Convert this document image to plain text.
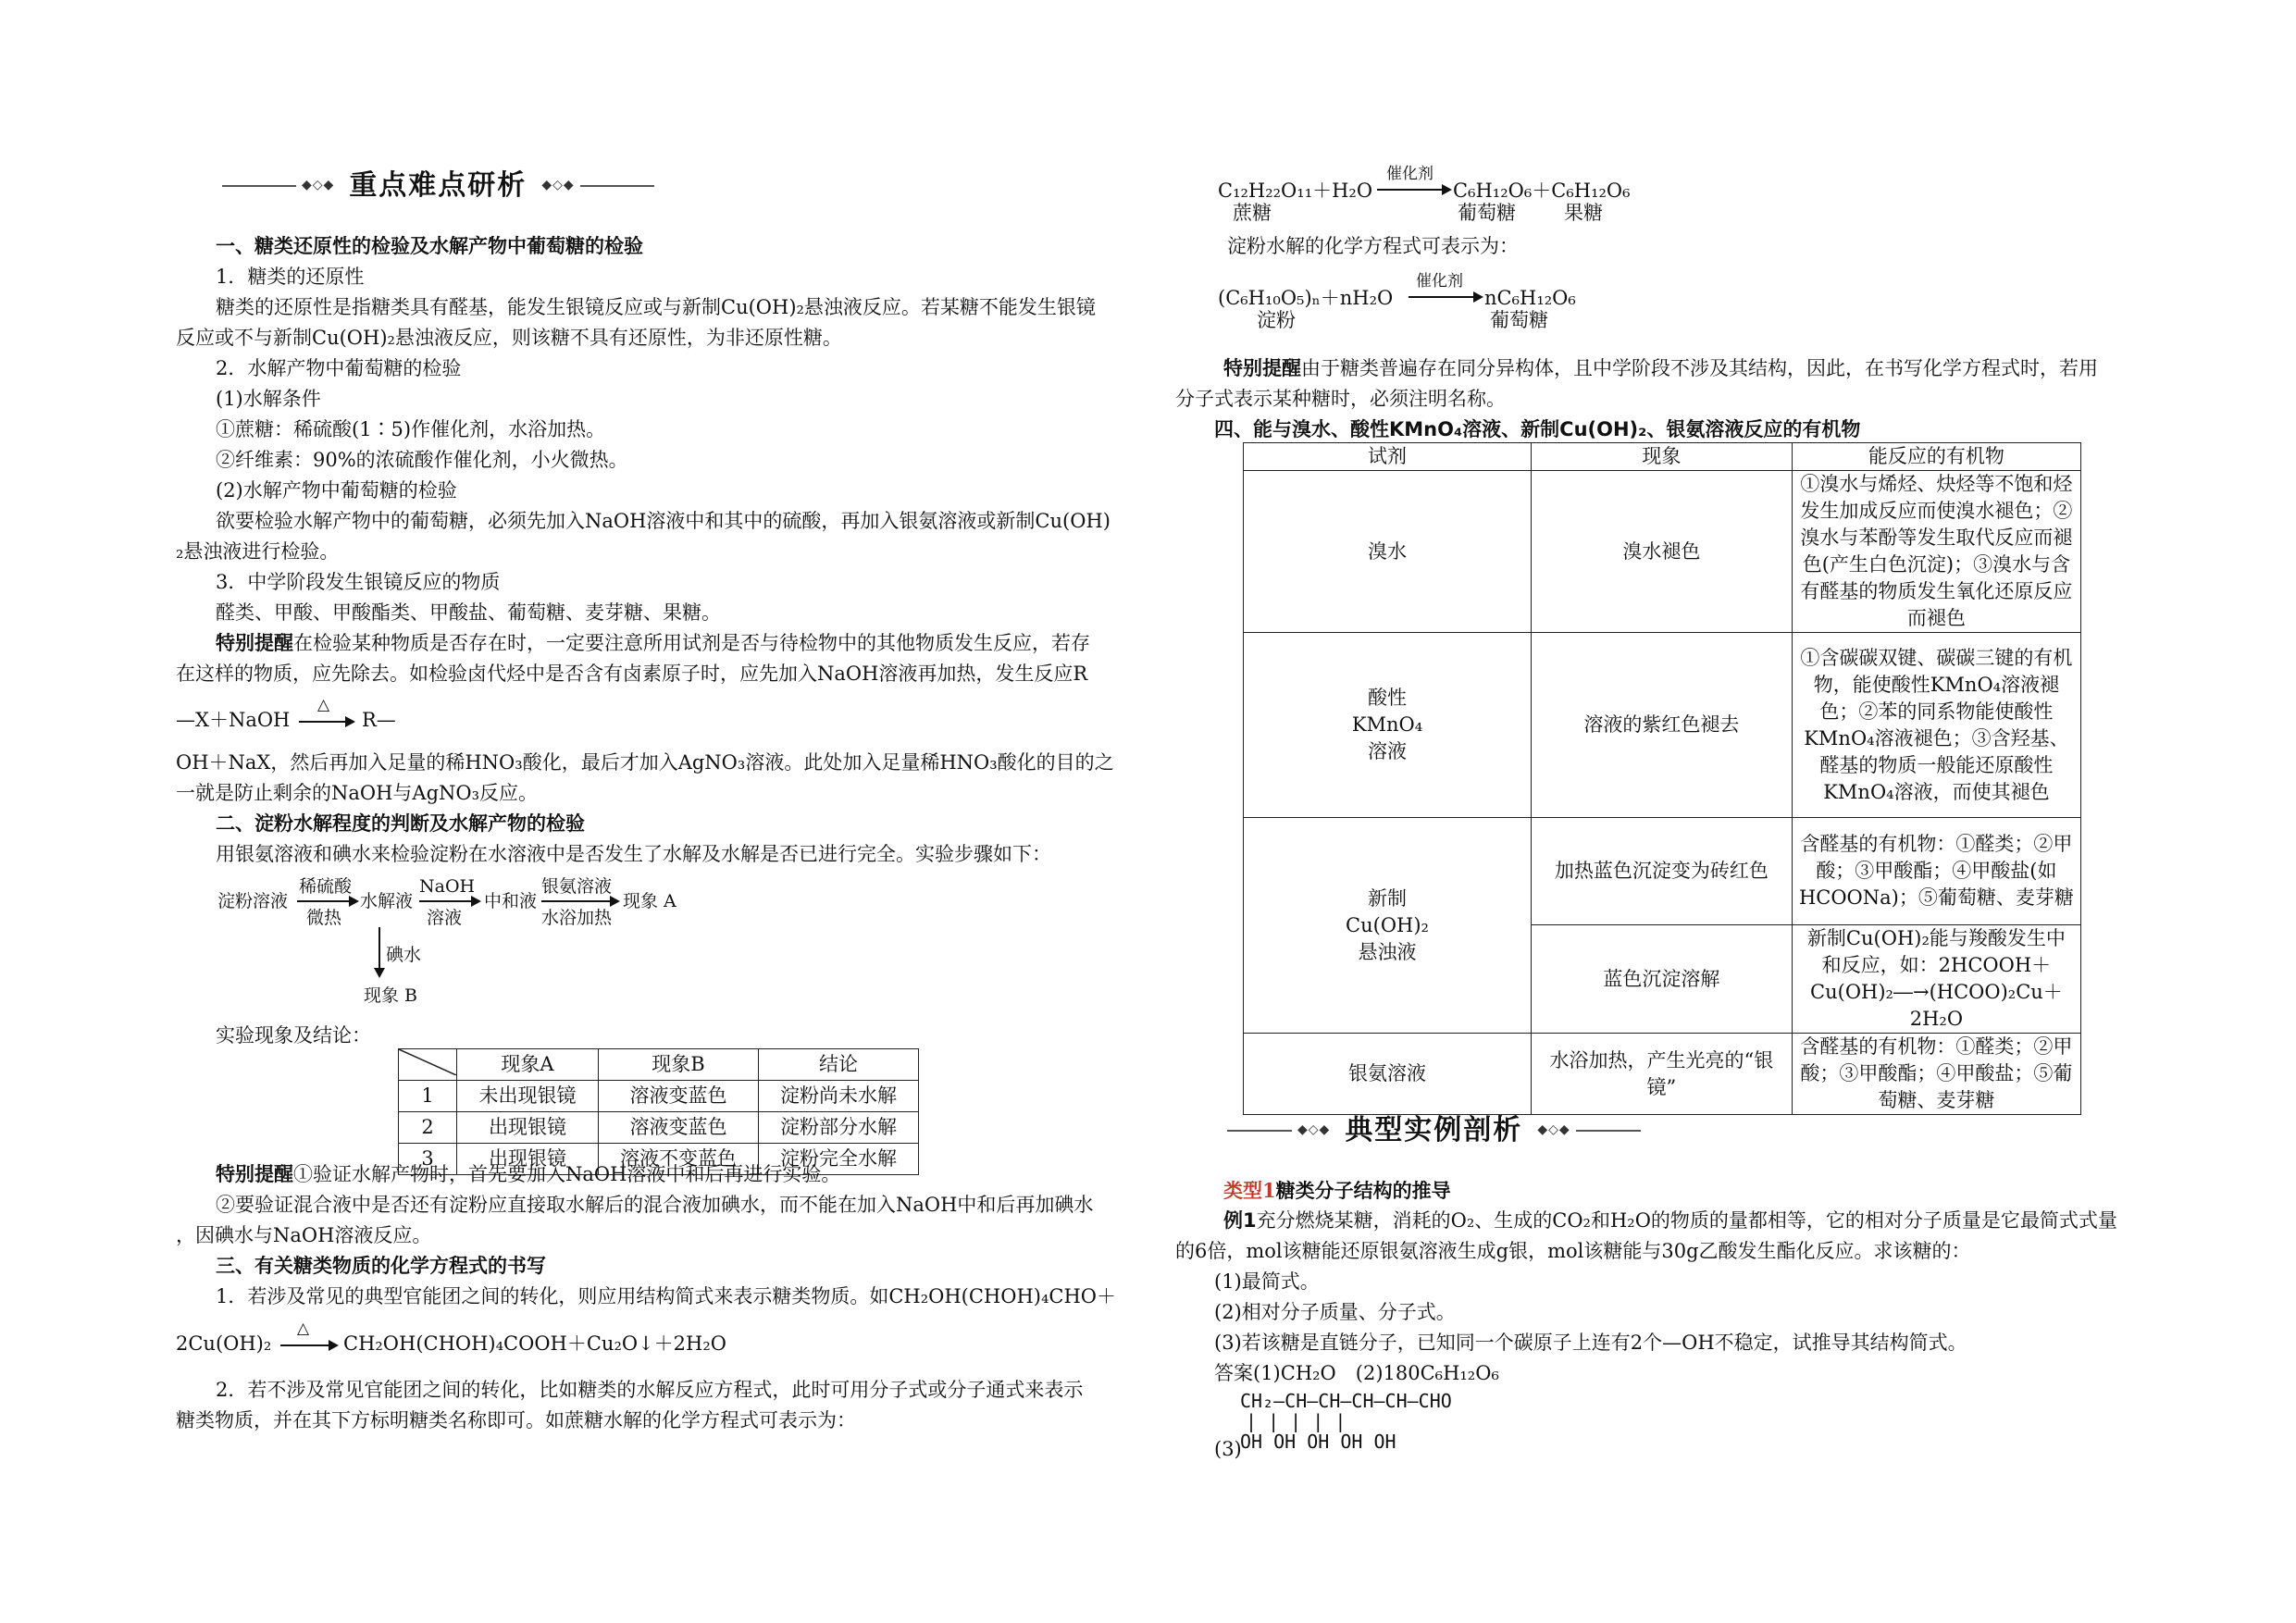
◆◇◆ 重点难点研析 ◆◇◆
一、糖类还原性的检验及水解产物中葡萄糖的检验
1．糖类的还原性
糖类的还原性是指糖类具有醛基，能发生银镜反应或与新制Cu(OH)₂悬浊液反应。若某糖不能发生银镜
反应或不与新制Cu(OH)₂悬浊液反应，则该糖不具有还原性，为非还原性糖。
2．水解产物中葡萄糖的检验
(1)水解条件
①蔗糖：稀硫酸(1∶5)作催化剂，水浴加热。
②纤维素：90%的浓硫酸作催化剂，小火微热。
(2)水解产物中葡萄糖的检验
欲要检验水解产物中的葡萄糖，必须先加入NaOH溶液中和其中的硫酸，再加入银氨溶液或新制Cu(OH)
₂悬浊液进行检验。
3．中学阶段发生银镜反应的物质
醛类、甲酸、甲酸酯类、甲酸盐、葡萄糖、麦芽糖、果糖。
特别提醒在检验某种物质是否存在时，一定要注意所用试剂是否与待检物中的其他物质发生反应，若存
在这样的物质，应先除去。如检验卤代烃中是否含有卤素原子时，应先加入NaOH溶液再加热，发生反应R
—X＋NaOH
△
R—
OH＋NaX，然后再加入足量的稀HNO₃酸化，最后才加入AgNO₃溶液。此处加入足量稀HNO₃酸化的目的之
一就是防止剩余的NaOH与AgNO₃反应。
二、淀粉水解程度的判断及水解产物的检验
用银氨溶液和碘水来检验淀粉在水溶液中是否发生了水解及水解是否已进行完全。实验步骤如下：
淀粉溶液
稀硫酸
微热
水解液
NaOH
溶液
中和液
银氨溶液
水浴加热
现象 A
碘水
现象 B
实验现象及结论：
	现象A	现象B	结论
1	未出现银镜	溶液变蓝色	淀粉尚未水解
2	出现银镜	溶液变蓝色	淀粉部分水解
3	出现银镜	溶液不变蓝色	淀粉完全水解
特别提醒①验证水解产物时，首先要加入NaOH溶液中和后再进行实验。
②要验证混合液中是否还有淀粉应直接取水解后的混合液加碘水，而不能在加入NaOH中和后再加碘水
，因碘水与NaOH溶液反应。
三、有关糖类物质的化学方程式的书写
1．若涉及常见的典型官能团之间的转化，则应用结构简式来表示糖类物质。如CH₂OH(CHOH)₄CHO＋
2Cu(OH)₂
△
CH₂OH(CHOH)₄COOH＋Cu₂O↓＋2H₂O
2．若不涉及常见官能团之间的转化，比如糖类的水解反应方程式，此时可用分子式或分子通式来表示
糖类物质，并在其下方标明糖类名称即可。如蔗糖水解的化学方程式可表示为：
C₁₂H₂₂O₁₁＋H₂O
催化剂
C₆H₁₂O₆＋C₆H₁₂O₆
蔗糖	葡萄糖 果糖
淀粉水解的化学方程式可表示为：
(C₆H₁₀O₅)ₙ＋nH₂O
催化剂
nC₆H₁₂O₆
淀粉	葡萄糖
特别提醒由于糖类普遍存在同分异构体，且中学阶段不涉及其结构，因此，在书写化学方程式时，若用
分子式表示某种糖时，必须注明名称。
四、能与溴水、酸性KMnO₄溶液、新制Cu(OH)₂、银氨溶液反应的有机物
试剂	现象	能反应的有机物
溴水	溴水褪色	①溴水与烯烃、炔烃等不饱和烃发生加成反应而使溴水褪色；②溴水与苯酚等发生取代反应而褪色(产生白色沉淀)；③溴水与含有醛基的物质发生氧化还原反应而褪色
酸性KMnO₄溶液	溶液的紫红色褪去	①含碳碳双键、碳碳三键的有机物，能使酸性KMnO₄溶液褪色；②苯的同系物能使酸性KMnO₄溶液褪色；③含羟基、醛基的物质一般能还原酸性KMnO₄溶液，而使其褪色
新制Cu(OH)₂悬浊液	加热蓝色沉淀变为砖红色	含醛基的有机物：①醛类；②甲酸；③甲酸酯；④甲酸盐(如HCOONa)；⑤葡萄糖、麦芽糖
	蓝色沉淀溶解	新制Cu(OH)₂能与羧酸发生中和反应，如：2HCOOH＋Cu(OH)₂―→(HCOO)₂Cu＋2H₂O
银氨溶液	水浴加热，产生光亮的“银镜”	含醛基的有机物：①醛类；②甲酸；③甲酸酯；④甲酸盐；⑤葡萄糖、麦芽糖
◆◇◆ 典型实例剖析 ◆◇◆
类型1糖类分子结构的推导
例1充分燃烧某糖，消耗的O₂、生成的CO₂和H₂O的物质的量都相等，它的相对分子质量是它最简式式量
的6倍，mol该糖能还原银氨溶液生成g银，mol该糖能与30g乙酸发生酯化反应。求该糖的：
(1)最简式。
(2)相对分子质量、分子式。
(3)若该糖是直链分子，已知同一个碳原子上连有2个—OH不稳定，试推导其结构简式。
答案(1)CH₂O　(2)180C₆H₁₂O₆
CH₂—CH—CH—CH—CH—CHO
| | | | |
(3)
OH OH OH OH OH
